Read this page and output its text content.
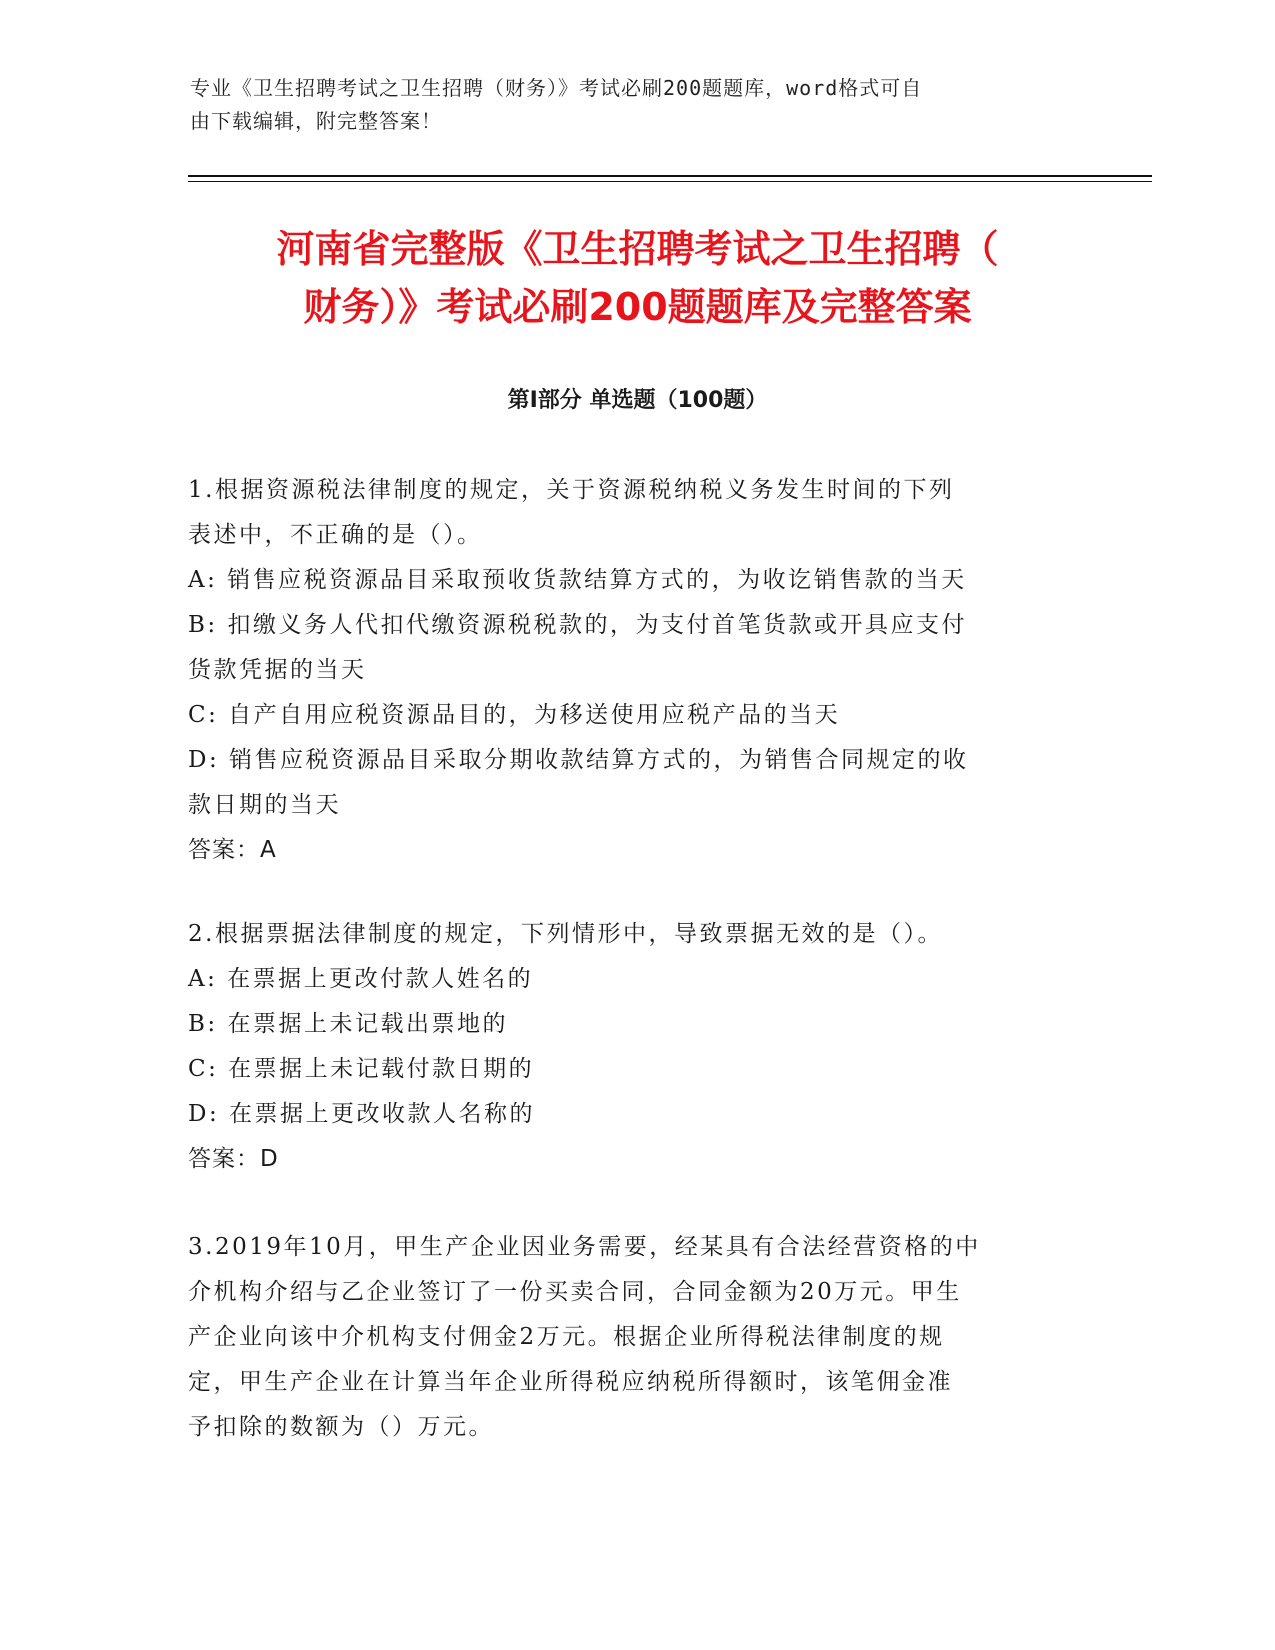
专业《卫生招聘考试之卫生招聘（财务）》考试必刷200题题库，word格式可自
由下载编辑，附完整答案！
河南省完整版《卫生招聘考试之卫生招聘（
财务）》考试必刷200题题库及完整答案
第Ⅰ部分 单选题（100题）
1.根据资源税法律制度的规定，关于资源税纳税义务发生时间的下列
表述中，不正确的是（）。
A: 销售应税资源品目采取预收货款结算方式的，为收讫销售款的当天
B: 扣缴义务人代扣代缴资源税税款的，为支付首笔货款或开具应支付
货款凭据的当天
C: 自产自用应税资源品目的，为移送使用应税产品的当天
D: 销售应税资源品目采取分期收款结算方式的，为销售合同规定的收
款日期的当天
答案：A
2.根据票据法律制度的规定，下列情形中，导致票据无效的是（）。
A: 在票据上更改付款人姓名的
B: 在票据上未记载出票地的
C: 在票据上未记载付款日期的
D: 在票据上更改收款人名称的
答案：D
3.2019年10月，甲生产企业因业务需要，经某具有合法经营资格的中
介机构介绍与乙企业签订了一份买卖合同，合同金额为20万元。甲生
产企业向该中介机构支付佣金2万元。根据企业所得税法律制度的规
定，甲生产企业在计算当年企业所得税应纳税所得额时，该笔佣金准
予扣除的数额为（）万元。
